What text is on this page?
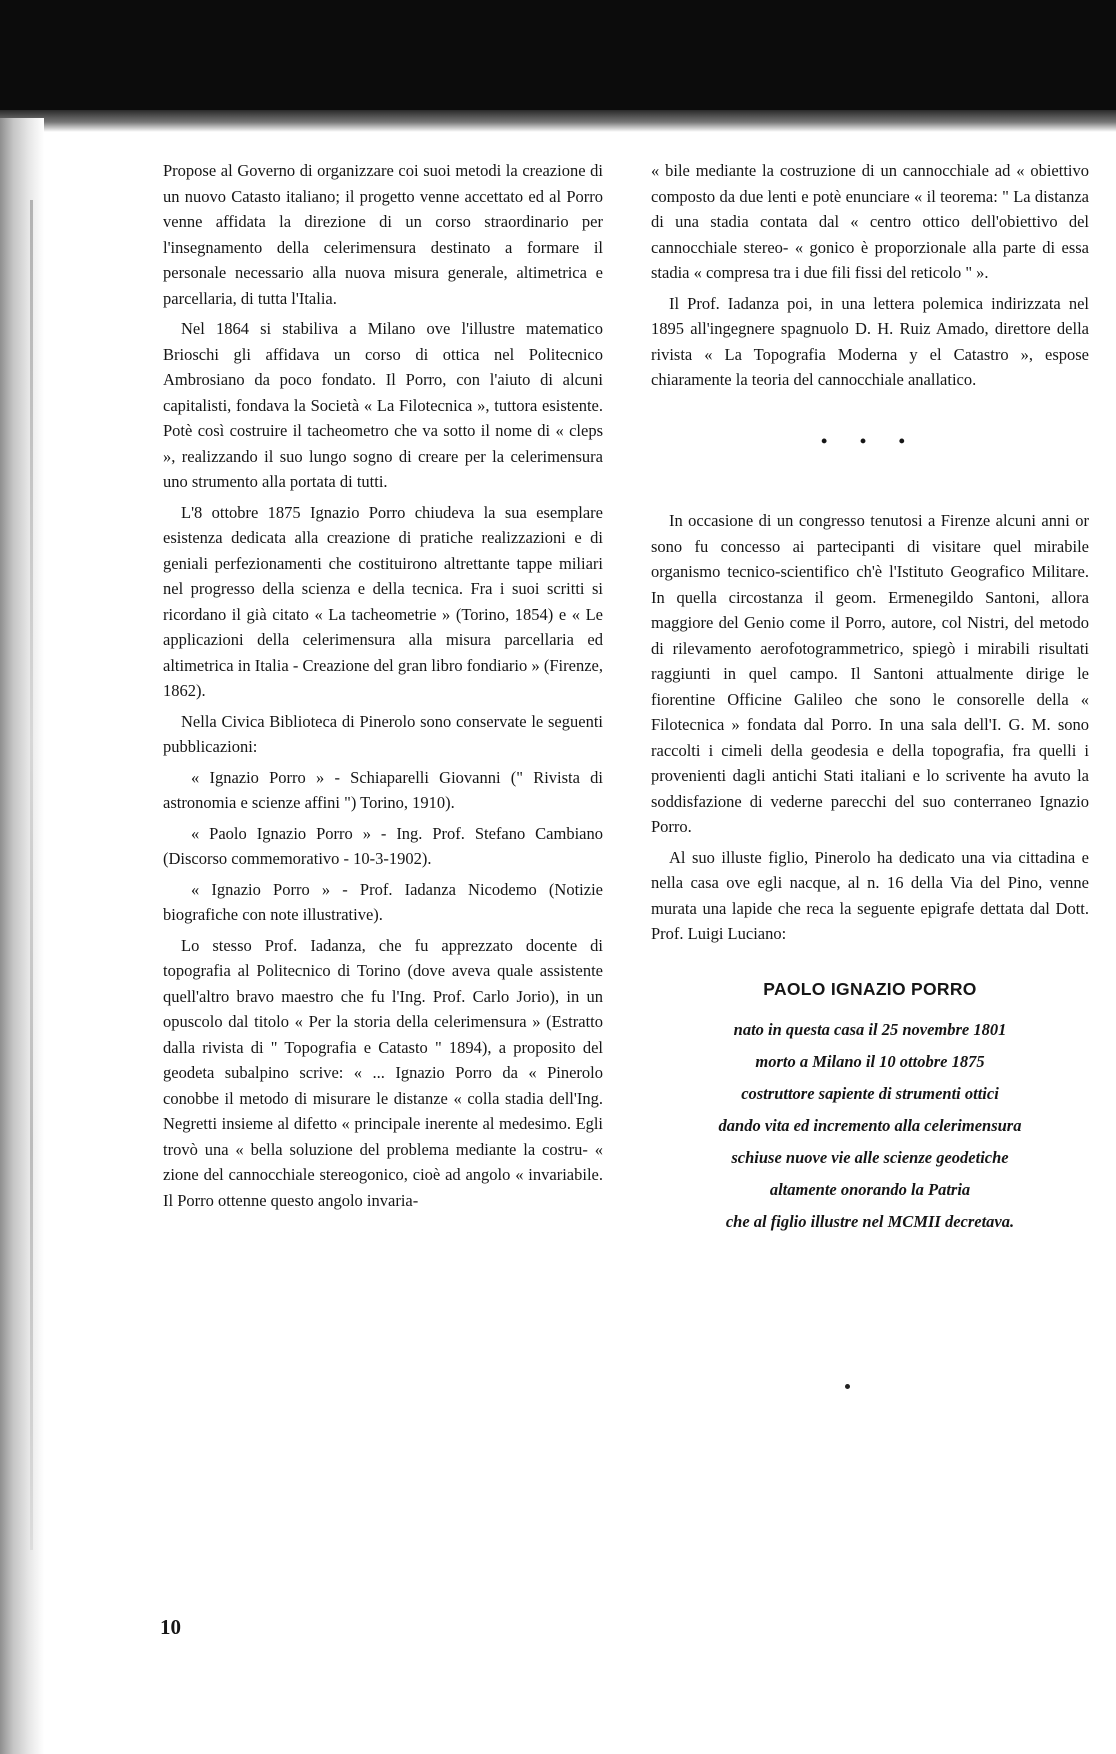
Propose al Governo di organizzare coi suoi metodi la creazione di un nuovo Catasto italiano; il progetto venne accettato ed al Porro venne affidata la direzione di un corso straordinario per l'insegnamento della celerimensura destinato a formare il personale necessario alla nuova misura generale, altimetrica e parcellaria, di tutta l'Italia.

Nel 1864 si stabiliva a Milano ove l'illustre matematico Brioschi gli affidava un corso di ottica nel Politecnico Ambrosiano da poco fondato. Il Porro, con l'aiuto di alcuni capitalisti, fondava la Società « La Filotecnica », tuttora esistente. Potè così costruire il tacheometro che va sotto il nome di « cleps », realizzando il suo lungo sogno di creare per la celerimensura uno strumento alla portata di tutti.

L'8 ottobre 1875 Ignazio Porro chiudeva la sua esemplare esistenza dedicata alla creazione di pratiche realizzazioni e di geniali perfezionamenti che costituirono altrettante tappe miliari nel progresso della scienza e della tecnica. Fra i suoi scritti si ricordano il già citato « La tacheometrie » (Torino, 1854) e « Le applicazioni della celerimensura alla misura parcellaria ed altimetrica in Italia - Creazione del gran libro fondiario » (Firenze, 1862).

Nella Civica Biblioteca di Pinerolo sono conservate le seguenti pubblicazioni:

« Ignazio Porro » - Schiaparelli Giovanni (" Rivista di astronomia e scienze affini ") Torino, 1910).

« Paolo Ignazio Porro » - Ing. Prof. Stefano Cambiano (Discorso commemorativo - 10-3-1902).

« Ignazio Porro » - Prof. Iadanza Nicodemo (Notizie biografiche con note illustrative).

Lo stesso Prof. Iadanza, che fu apprezzato docente di topografia al Politecnico di Torino (dove aveva quale assistente quell'altro bravo maestro che fu l'Ing. Prof. Carlo Jorio), in un opuscolo dal titolo « Per la storia della celerimensura » (Estratto dalla rivista di " Topografia e Catasto " 1894), a proposito del geodeta subalpino scrive: « ... Ignazio Porro da « Pinerolo conobbe il metodo di misurare le distanze « colla stadia dell'Ing. Negretti insieme al difetto « principale inerente al medesimo. Egli trovò una « bella soluzione del problema mediante la costru- « zione del cannocchiale stereogonico, cioè ad angolo « invariabile. Il Porro ottenne questo angolo invaria-

« bile mediante la costruzione di un cannocchiale ad « obiettivo composto da due lenti e potè enunciare « il teorema: " La distanza di una stadia contata dal « centro ottico dell'obiettivo del cannocchiale stereo- « gonico è proporzionale alla parte di essa stadia « compresa tra i due fili fissi del reticolo " ».

Il Prof. Iadanza poi, in una lettera polemica indirizzata nel 1895 all'ingegnere spagnuolo D. H. Ruiz Amado, direttore della rivista « La Topografia Moderna y el Catastro », espose chiaramente la teoria del cannocchiale anallatico.

• • •

In occasione di un congresso tenutosi a Firenze alcuni anni or sono fu concesso ai partecipanti di visitare quel mirabile organismo tecnico-scientifico ch'è l'Istituto Geografico Militare. In quella circostanza il geom. Ermenegildo Santoni, allora maggiore del Genio come il Porro, autore, col Nistri, del metodo di rilevamento aerofotogrammetrico, spiegò i mirabili risultati raggiunti in quel campo. Il Santoni attualmente dirige le fiorentine Officine Galileo che sono le consorelle della « Filotecnica » fondata dal Porro. In una sala dell'I. G. M. sono raccolti i cimeli della geodesia e della topografia, fra quelli i provenienti dagli antichi Stati italiani e lo scrivente ha avuto la soddisfazione di vederne parecchi del suo conterraneo Ignazio Porro.

Al suo illuste figlio, Pinerolo ha dedicato una via cittadina e nella casa ove egli nacque, al n. 16 della Via del Pino, venne murata una lapide che reca la seguente epigrafe dettata dal Dott. Prof. Luigi Luciano:

PAOLO IGNAZIO PORRO

nato in questa casa il 25 novembre 1801

morto a Milano il 10 ottobre 1875

costruttore sapiente di strumenti ottici

dando vita ed incremento alla celerimensura

schiuse nuove vie alle scienze geodetiche

altamente onorando la Patria

che al figlio illustre nel MCMII decretava.

10
